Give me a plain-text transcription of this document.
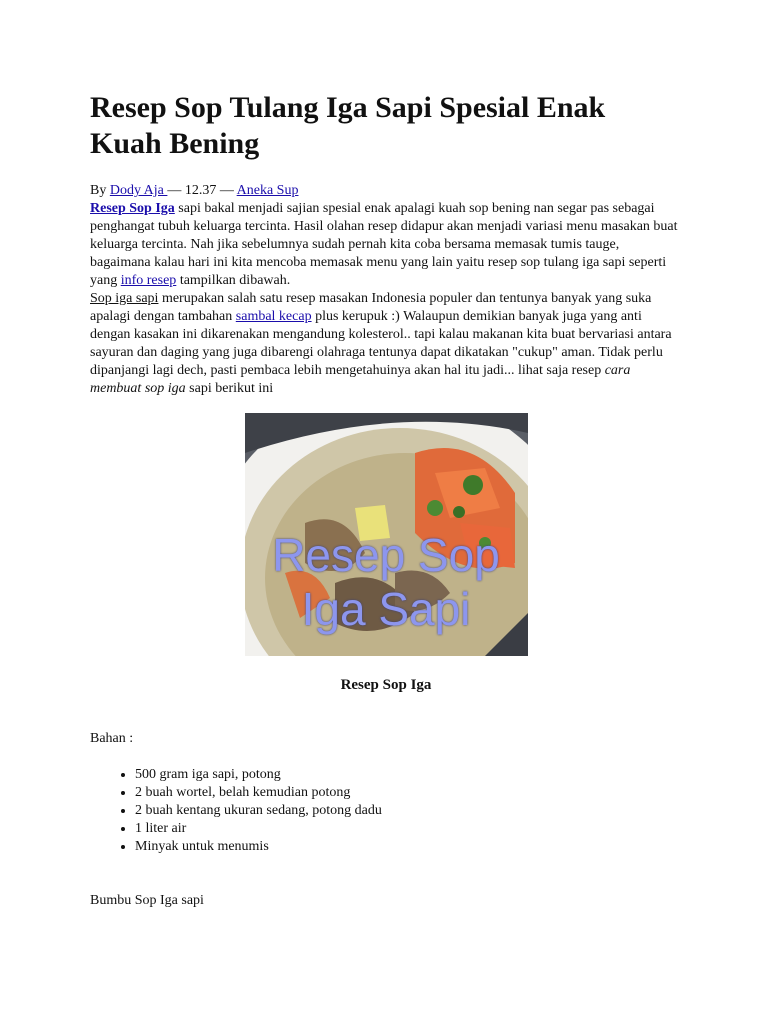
Resep Sop Tulang Iga Sapi Spesial Enak Kuah Bening
By Dody Aja — 12.37 — Aneka Sup

Resep Sop Iga sapi bakal menjadi sajian spesial enak apalagi kuah sop bening nan segar pas sebagai penghangat tubuh keluarga tercinta. Hasil olahan resep didapur akan menjadi variasi menu masakan buat keluarga tercinta. Nah jika sebelumnya sudah pernah kita coba bersama memasak tumis tauge, bagaimana kalau hari ini kita mencoba memasak menu yang lain yaitu resep sop tulang iga sapi seperti yang info resep tampilkan dibawah.

Sop iga sapi merupakan salah satu resep masakan Indonesia populer dan tentunya banyak yang suka apalagi dengan tambahan sambal kecap plus kerupuk :) Walaupun demikian banyak juga yang anti dengan kasakan ini dikarenakan mengandung kolesterol.. tapi kalau makanan kita buat bervariasi antara sayuran dan daging yang juga dibarengi olahraga tentunya dapat dikatakan "cukup" aman. Tidak perlu dipanjangi lagi dech, pasti pembaca lebih mengetahuinya akan hal itu jadi... lihat saja resep cara membuat sop iga sapi berikut ini

Resep Sop
Iga Sapi
Resep Sop Iga
Bahan :
• 500 gram iga sapi, potong
• 2 buah wortel, belah kemudian potong
• 2 buah kentang ukuran sedang, potong dadu
• 1 liter air
• Minyak untuk menumis
Bumbu Sop Iga sapi
